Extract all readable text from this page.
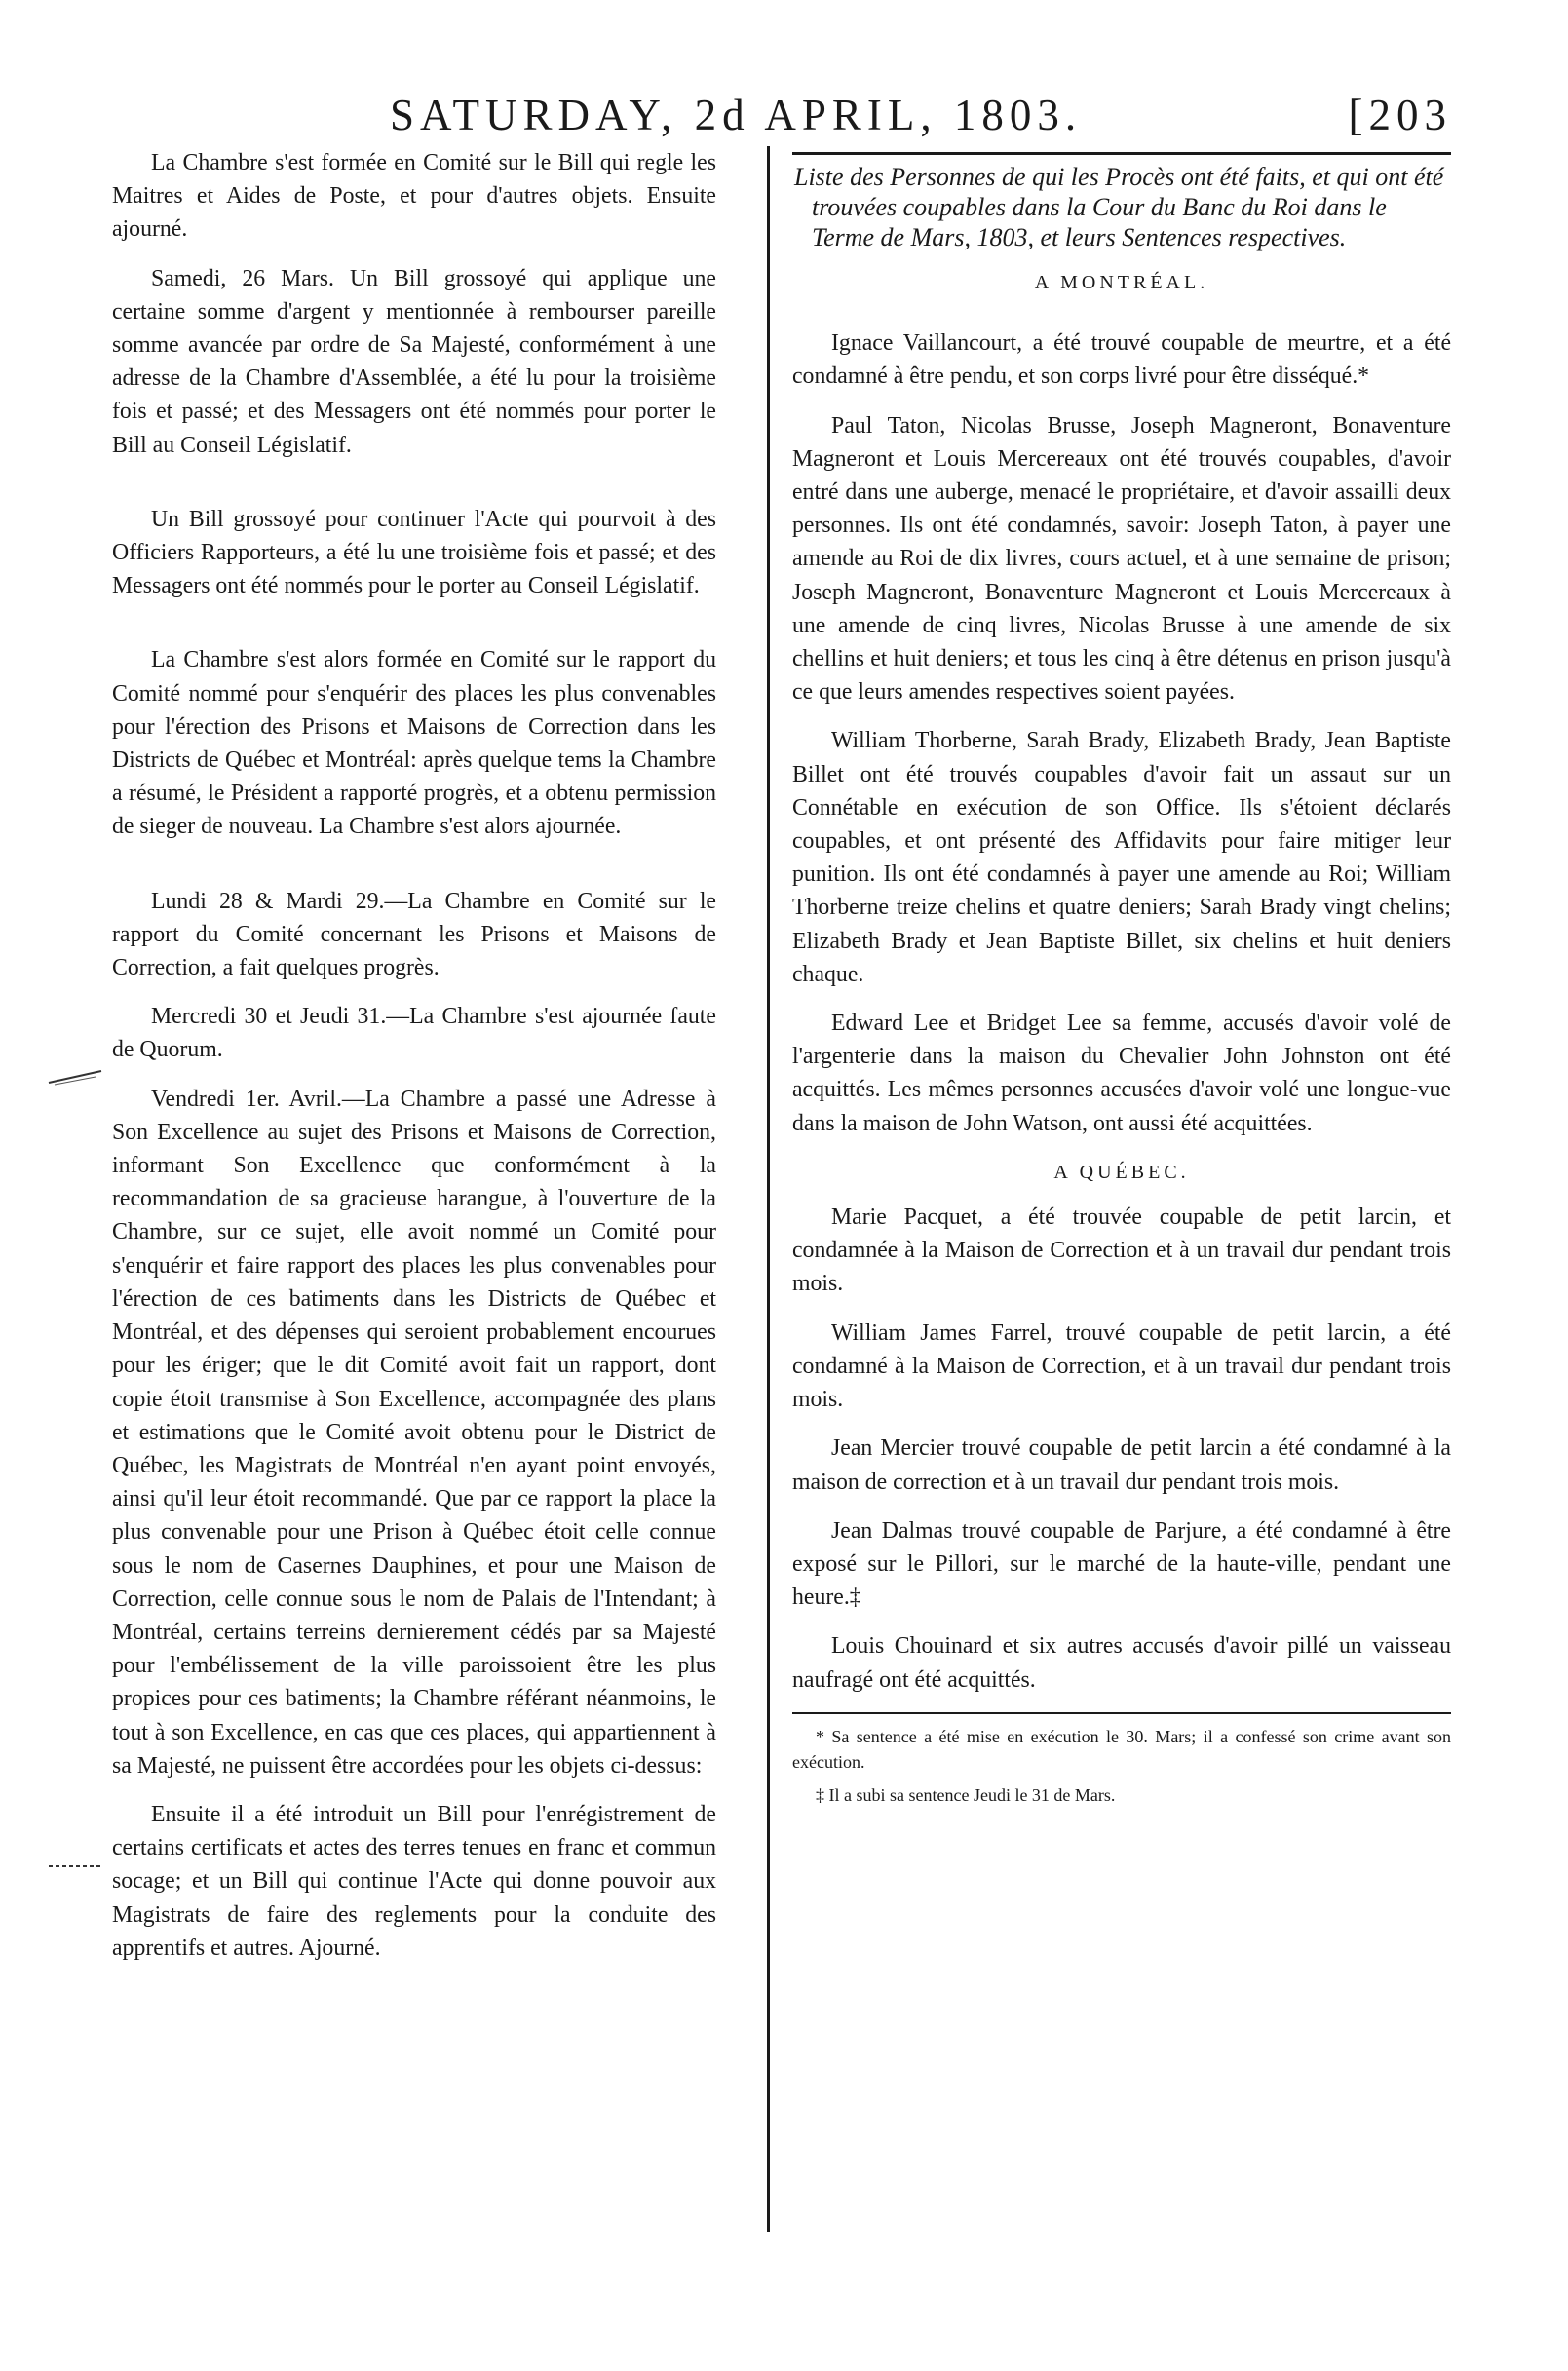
SATURDAY, 2d APRIL, 1803.	[203

La Chambre s'est formée en Comité sur le Bill qui regle les Maitres et Aides de Poste, et pour d'autres objets. Ensuite ajourné.

Samedi, 26 Mars. Un Bill grossoyé qui applique une certaine somme d'argent y mentionnée à rembourser pareille somme avancée par ordre de Sa Majesté, conformément à une adresse de la Chambre d'Assemblée, a été lu pour la troisième fois et passé; et des Messagers ont été nommés pour porter le Bill au Conseil Législatif.

Un Bill grossoyé pour continuer l'Acte qui pourvoit à des Officiers Rapporteurs, a été lu une troisième fois et passé; et des Messagers ont été nommés pour le porter au Conseil Législatif.

La Chambre s'est alors formée en Comité sur le rapport du Comité nommé pour s'enquérir des places les plus convenables pour l'érection des Prisons et Maisons de Correction dans les Districts de Québec et Montréal: après quelque tems la Chambre a résumé, le Président a rapporté progrès, et a obtenu permission de sieger de nouveau. La Chambre s'est alors ajournée.

Lundi 28 & Mardi 29.—La Chambre en Comité sur le rapport du Comité concernant les Prisons et Maisons de Correction, a fait quelques progrès.

Mercredi 30 et Jeudi 31.—La Chambre s'est ajournée faute de Quorum.

Vendredi 1er. Avril.—La Chambre a passé une Adresse à Son Excellence au sujet des Prisons et Maisons de Correction, informant Son Excellence que conformément à la recommandation de sa gracieuse harangue, à l'ouverture de la Chambre, sur ce sujet, elle avoit nommé un Comité pour s'enquérir et faire rapport des places les plus convenables pour l'érection de ces batiments dans les Districts de Québec et Montréal, et des dépenses qui seroient probablement encourues pour les ériger; que le dit Comité avoit fait un rapport, dont copie étoit transmise à Son Excellence, accompagnée des plans et estimations que le Comité avoit obtenu pour le District de Québec, les Magistrats de Montréal n'en ayant point envoyés, ainsi qu'il leur étoit recommandé. Que par ce rapport la place la plus convenable pour une Prison à Québec étoit celle connue sous le nom de Casernes Dauphines, et pour une Maison de Correction, celle connue sous le nom de Palais de l'Intendant; à Montréal, certains terreins dernierement cédés par sa Majesté pour l'embélissement de la ville paroissoient être les plus propices pour ces batiments; la Chambre référant néanmoins, le tout à son Excellence, en cas que ces places, qui appartiennent à sa Majesté, ne puissent être accordées pour les objets ci-dessus:

Ensuite il a été introduit un Bill pour l'enrégistrement de certains certificats et actes des terres tenues en franc et commun socage; et un Bill qui continue l'Acte qui donne pouvoir aux Magistrats de faire des reglements pour la conduite des apprentifs et autres. Ajourné.

Liste des Personnes de qui les Procès ont été faits, et qui ont été trouvées coupables dans la Cour du Banc du Roi dans le Terme de Mars, 1803, et leurs Sentences respectives.
A MONTRÉAL.

Ignace Vaillancourt, a été trouvé coupable de meurtre, et a été condamné à être pendu, et son corps livré pour être disséqué.*

Paul Taton, Nicolas Brusse, Joseph Magneront, Bonaventure Magneront et Louis Mercereaux ont été trouvés coupables, d'avoir entré dans une auberge, menacé le propriétaire, et d'avoir assailli deux personnes. Ils ont été condamnés, savoir: Joseph Taton, à payer une amende au Roi de dix livres, cours actuel, et à une semaine de prison; Joseph Magneront, Bonaventure Magneront et Louis Mercereaux à une amende de cinq livres, Nicolas Brusse à une amende de six chellins et huit deniers; et tous les cinq à être détenus en prison jusqu'à ce que leurs amendes respectives soient payées.

William Thorberne, Sarah Brady, Elizabeth Brady, Jean Baptiste Billet ont été trouvés coupables d'avoir fait un assaut sur un Connétable en exécution de son Office. Ils s'étoient déclarés coupables, et ont présenté des Affidavits pour faire mitiger leur punition. Ils ont été condamnés à payer une amende au Roi; William Thorberne treize chelins et quatre deniers; Sarah Brady vingt chelins; Elizabeth Brady et Jean Baptiste Billet, six chelins et huit deniers chaque.

Edward Lee et Bridget Lee sa femme, accusés d'avoir volé de l'argenterie dans la maison du Chevalier John Johnston ont été acquittés. Les mêmes personnes accusées d'avoir volé une longue-vue dans la maison de John Watson, ont aussi été acquittées.

A QUÉBEC.

Marie Pacquet, a été trouvée coupable de petit larcin, et condamnée à la Maison de Correction et à un travail dur pendant trois mois.

William James Farrel, trouvé coupable de petit larcin, a été condamné à la Maison de Correction, et à un travail dur pendant trois mois.

Jean Mercier trouvé coupable de petit larcin a été condamné à la maison de correction et à un travail dur pendant trois mois.

Jean Dalmas trouvé coupable de Parjure, a été condamné à être exposé sur le Pillori, sur le marché de la haute-ville, pendant une heure.‡

Louis Chouinard et six autres accusés d'avoir pillé un vaisseau naufragé ont été acquittés.

* Sa sentence a été mise en exécution le 30. Mars; il a confessé son crime avant son exécution.

‡ Il a subi sa sentence Jeudi le 31 de Mars.
